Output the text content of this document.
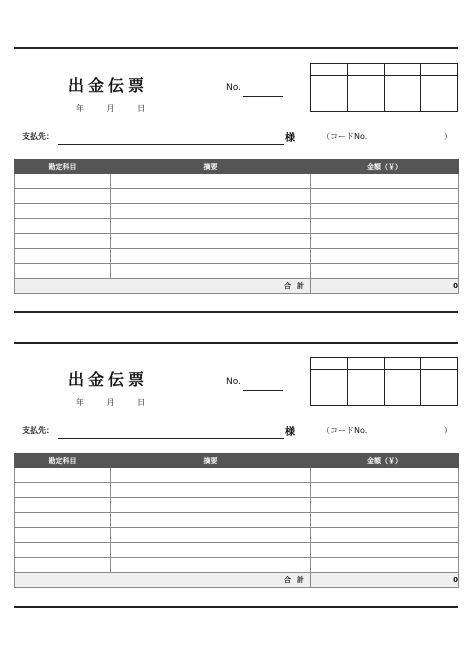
出金伝票
年	月	日
No.

支払先：	様	（コードNo.	）
勘定科目	摘要	金額（￥）

合計		0
出金伝票
年	月	日
No.

支払先：	様	（コードNo.	）
勘定科目	摘要	金額（￥）

合計		0
